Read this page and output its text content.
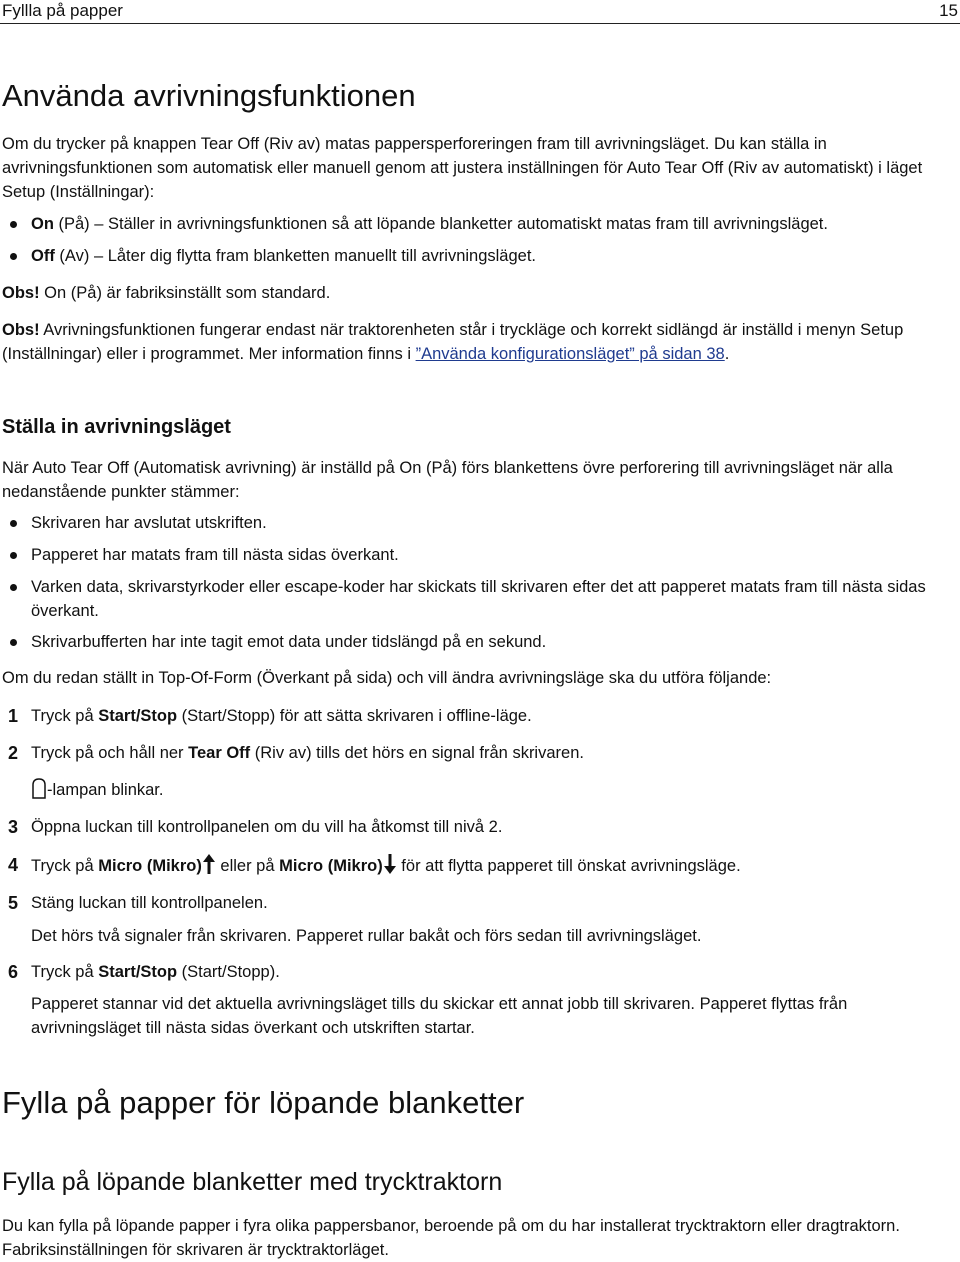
Fyllla på papper	15
Använda avrivningsfunktionen

Om du trycker på knappen Tear Off (Riv av) matas pappersperforeringen fram till avrivningsläget. Du kan ställa in avrivningsfunktionen som automatisk eller manuell genom att justera inställningen för Auto Tear Off (Riv av automatiskt) i läget Setup (Inställningar):

On (På) – Ställer in avrivningsfunktionen så att löpande blanketter automatiskt matas fram till avrivningsläget.
Off (Av) – Låter dig flytta fram blanketten manuellt till avrivningsläget.

Obs! On (På) är fabriksinställt som standard.

Obs! Avrivningsfunktionen fungerar endast när traktorenheten står i tryckläge och korrekt sidlängd är inställd i menyn Setup (Inställningar) eller i programmet. Mer information finns i ”Använda konfigurationsläget” på sidan 38.

Ställa in avrivningsläget

När Auto Tear Off (Automatisk avrivning) är inställd på On (På) förs blankettens övre perforering till avrivningsläget när alla nedanstående punkter stämmer:

Skrivaren har avslutat utskriften.
Papperet har matats fram till nästa sidas överkant.
Varken data, skrivarstyrkoder eller escape-koder har skickats till skrivaren efter det att papperet matats fram till nästa sidas överkant.
Skrivarbufferten har inte tagit emot data under tidslängd på en sekund.

Om du redan ställt in Top-Of-Form (Överkant på sida) och vill ändra avrivningsläge ska du utföra följande:

1 Tryck på Start/Stop (Start/Stopp) för att sätta skrivaren i offline-läge.
2 Tryck på och håll ner Tear Off (Riv av) tills det hörs en signal från skrivaren.
-lampan blinkar.
3 Öppna luckan till kontrollpanelen om du vill ha åtkomst till nivå 2.
4 Tryck på Micro (Mikro) eller på Micro (Mikro) för att flytta papperet till önskat avrivningsläge.
5 Stäng luckan till kontrollpanelen.
Det hörs två signaler från skrivaren. Papperet rullar bakåt och förs sedan till avrivningsläget.
6 Tryck på Start/Stop (Start/Stopp).
Papperet stannar vid det aktuella avrivningsläget tills du skickar ett annat jobb till skrivaren. Papperet flyttas från avrivningsläget till nästa sidas överkant och utskriften startar.
Fylla på papper för löpande blanketter
Fylla på löpande blanketter med trycktraktorn

Du kan fylla på löpande papper i fyra olika pappersbanor, beroende på om du har installerat trycktraktorn eller dragtraktorn. Fabriksinställningen för skrivaren är trycktraktorläget.
